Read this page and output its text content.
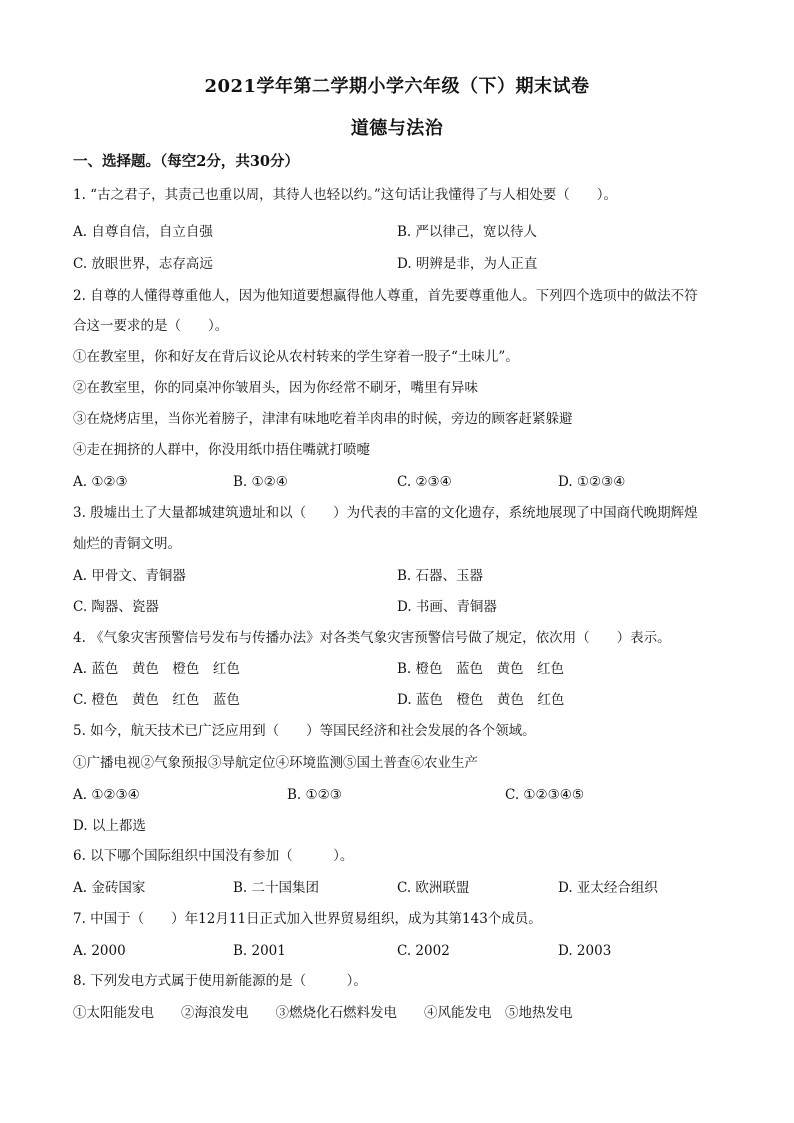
2021学年第二学期小学六年级（下）期末试卷
道德与法治
一、选择题。（每空2分，共30分）
1. “古之君子，其责己也重以周，其待人也轻以约。”这句话让我懂得了与人相处要（　　）。
A. 自尊自信，自立自强	B. 严以律己，宽以待人
C. 放眼世界，志存高远	D. 明辨是非，为人正直
2. 自尊的人懂得尊重他人，因为他知道要想赢得他人尊重，首先要尊重他人。下列四个选项中的做法不符
合这一要求的是（　　）。
①在教室里，你和好友在背后议论从农村转来的学生穿着一股子“土味儿”。
②在教室里，你的同桌冲你皱眉头，因为你经常不刷牙，嘴里有异味
③在烧烤店里，当你光着膀子，津津有味地吃着羊肉串的时候，旁边的顾客赶紧躲避
④走在拥挤的人群中，你没用纸巾捂住嘴就打喷嚏
A. ①②③	B. ①②④	C. ②③④	D. ①②③④
3. 殷墟出土了大量都城建筑遗址和以（　　）为代表的丰富的文化遗存，系统地展现了中国商代晚期辉煌
灿烂的青铜文明。
A. 甲骨文、青铜器	B. 石器、玉器
C. 陶器、瓷器	D. 书画、青铜器
4. 《气象灾害预警信号发布与传播办法》对各类气象灾害预警信号做了规定，依次用（　　）表示。
A. 蓝色　黄色　橙色　红色	B. 橙色　蓝色　黄色　红色
C. 橙色　黄色　红色　蓝色	D. 蓝色　橙色　黄色　红色
5. 如今，航天技术已广泛应用到（　　）等国民经济和社会发展的各个领域。
①广播电视②气象预报③导航定位④环境监测⑤国土普查⑥农业生产
A. ①②③④	B. ①②③	C. ①②③④⑤
D. 以上都选
6. 以下哪个国际组织中国没有参加（　　　）。
A. 金砖国家	B. 二十国集团	C. 欧洲联盟	D. 亚太经合组织
7. 中国于（　　）年12月11日正式加入世界贸易组织，成为其第143个成员。
A. 2000	B. 2001	C. 2002	D. 2003
8. 下列发电方式属于使用新能源的是（　　　）。
①太阳能发电　　②海浪发电　　③燃烧化石燃料发电　　④风能发电　⑤地热发电
